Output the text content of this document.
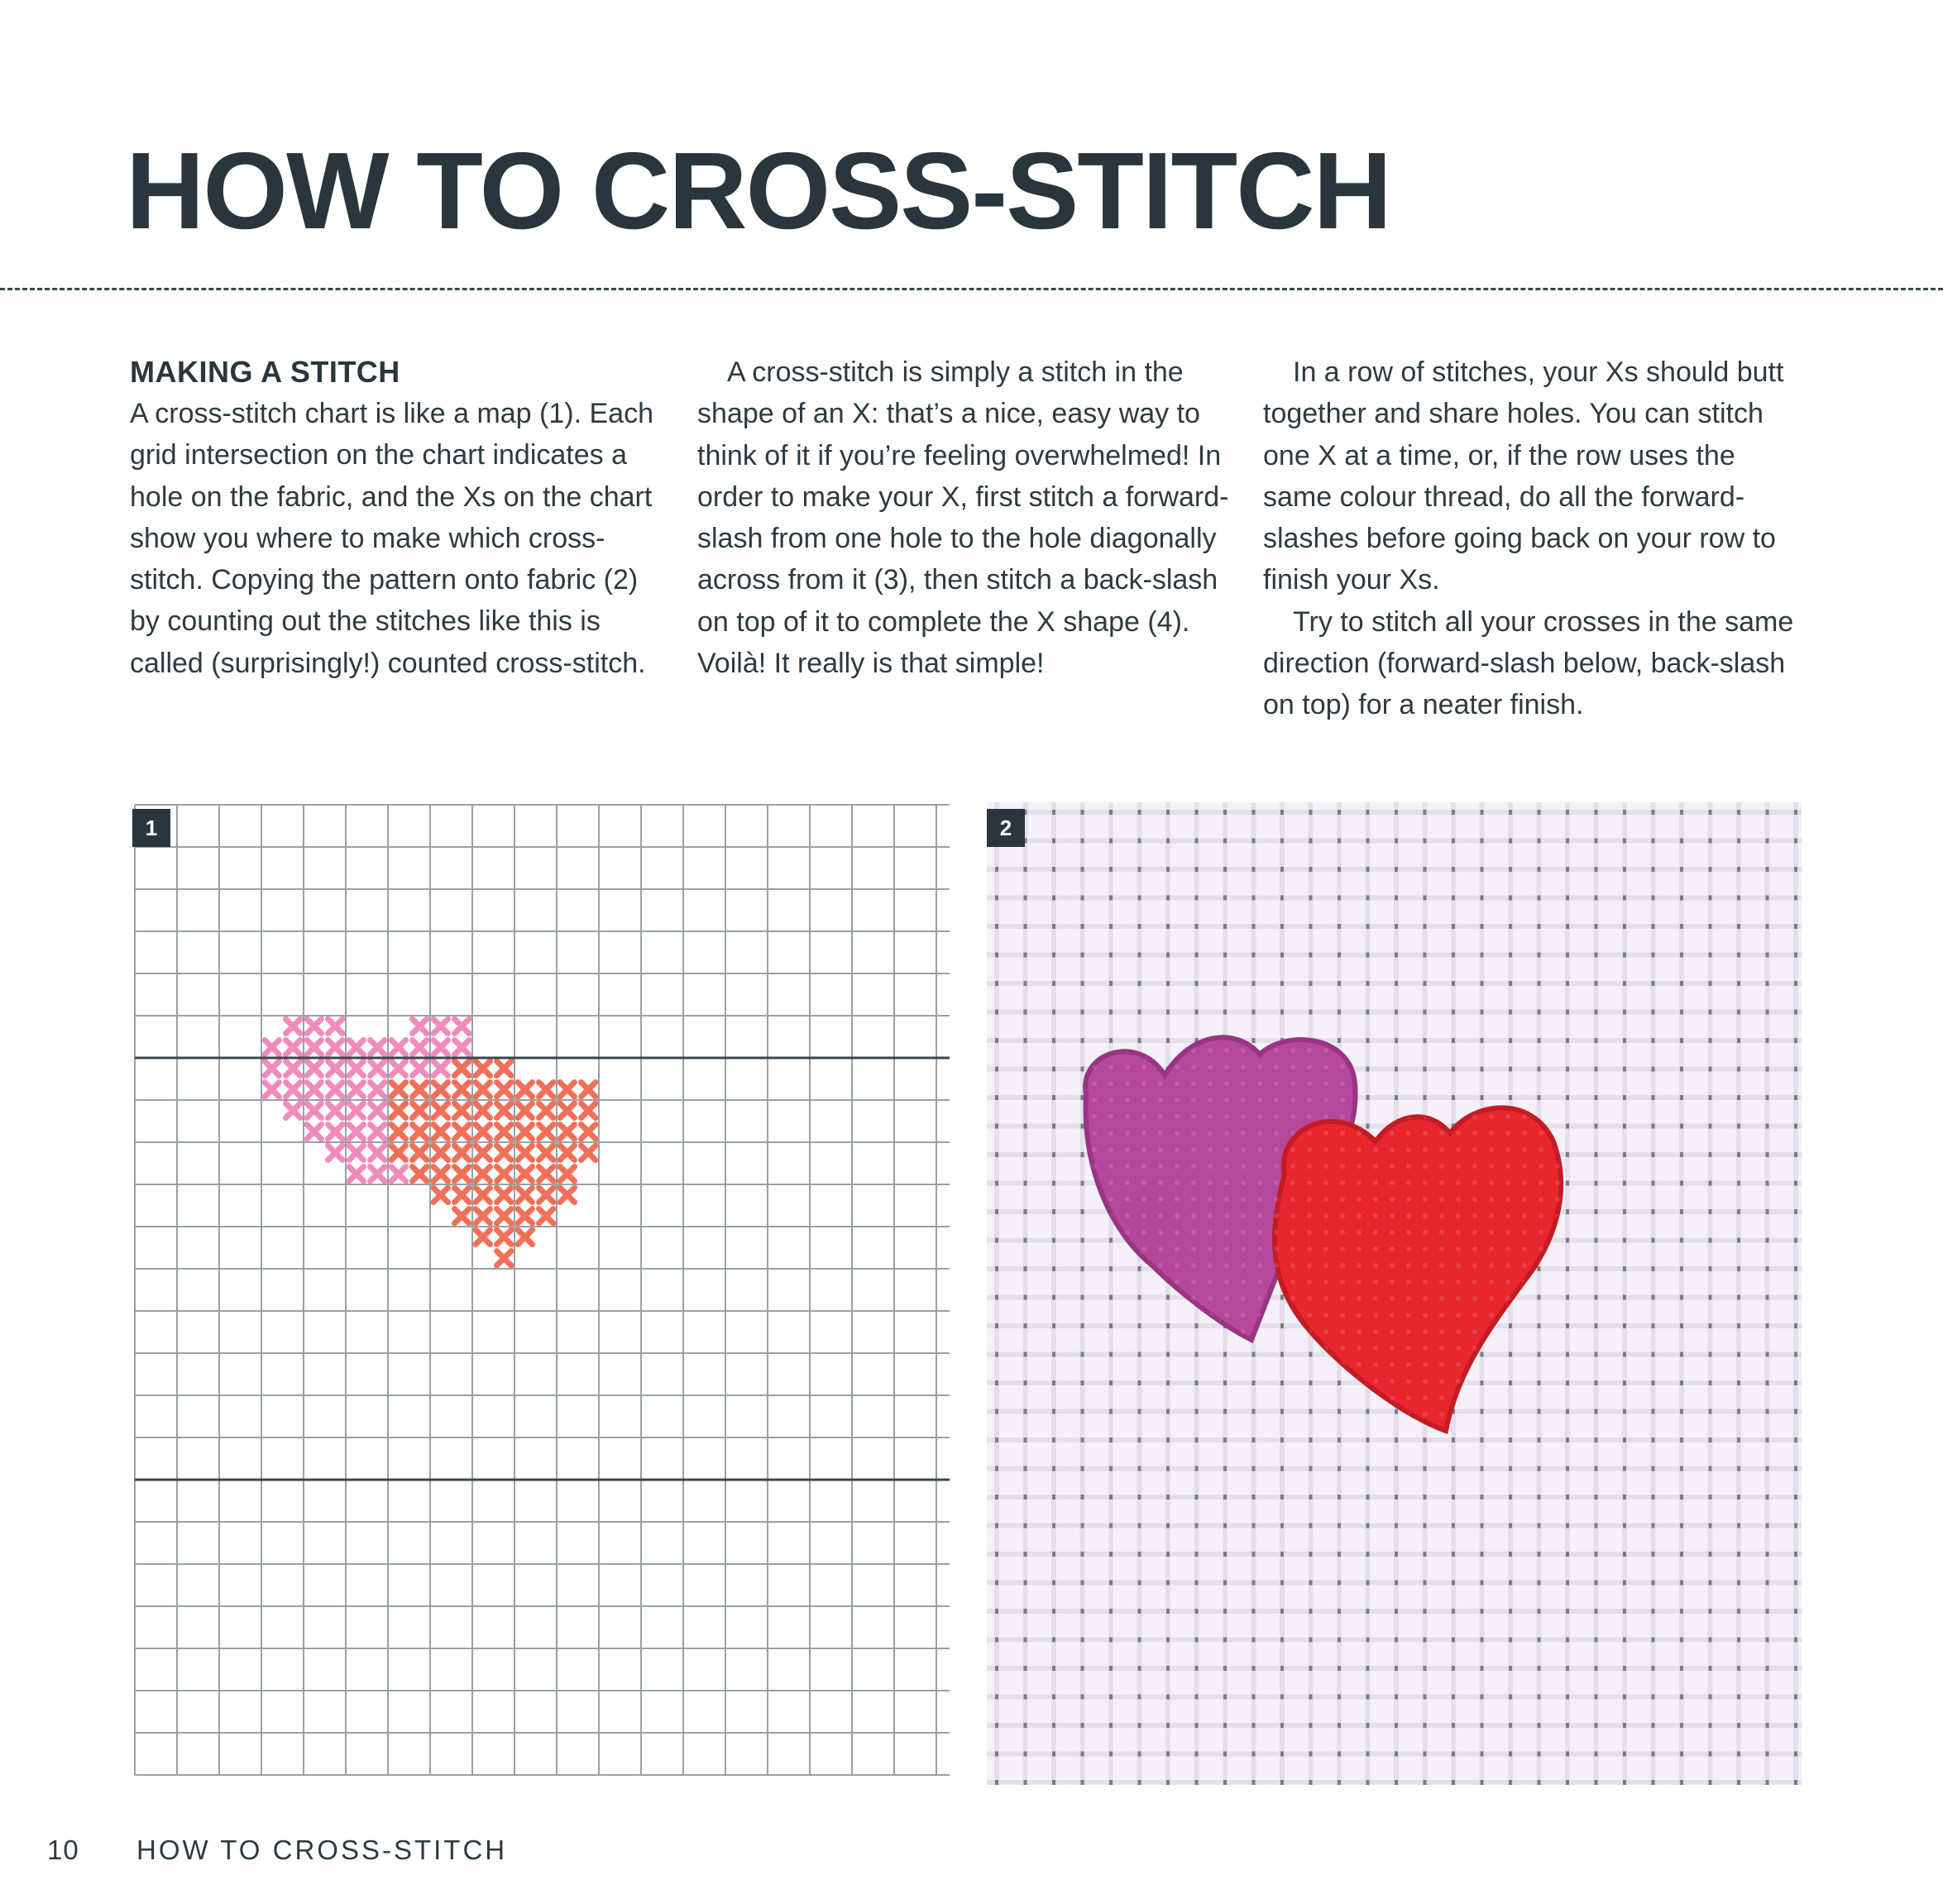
HOW TO CROSS-STITCH
MAKING A STITCH

A cross-stitch chart is like a map (1). Each grid intersection on the chart indicates a hole on the fabric, and the Xs on the chart show you where to make which cross-stitch. Copying the pattern onto fabric (2) by counting out the stitches like this is called (surprisingly!) counted cross-stitch.

A cross-stitch is simply a stitch in the shape of an X: that’s a nice, easy way to think of it if you’re feeling overwhelmed! In order to make your X, first stitch a forward-slash from one hole to the hole diagonally across from it (3), then stitch a back-slash on top of it to complete the X shape (4). Voilà! It really is that simple!

In a row of stitches, your Xs should butt together and share holes. You can stitch one X at a time, or, if the row uses the same colour thread, do all the forward-slashes before going back on your row to finish your Xs.

Try to stitch all your crosses in the same direction (forward-slash below, back-slash on top) for a neater finish.

1	2
10 HOW TO CROSS-STITCH
